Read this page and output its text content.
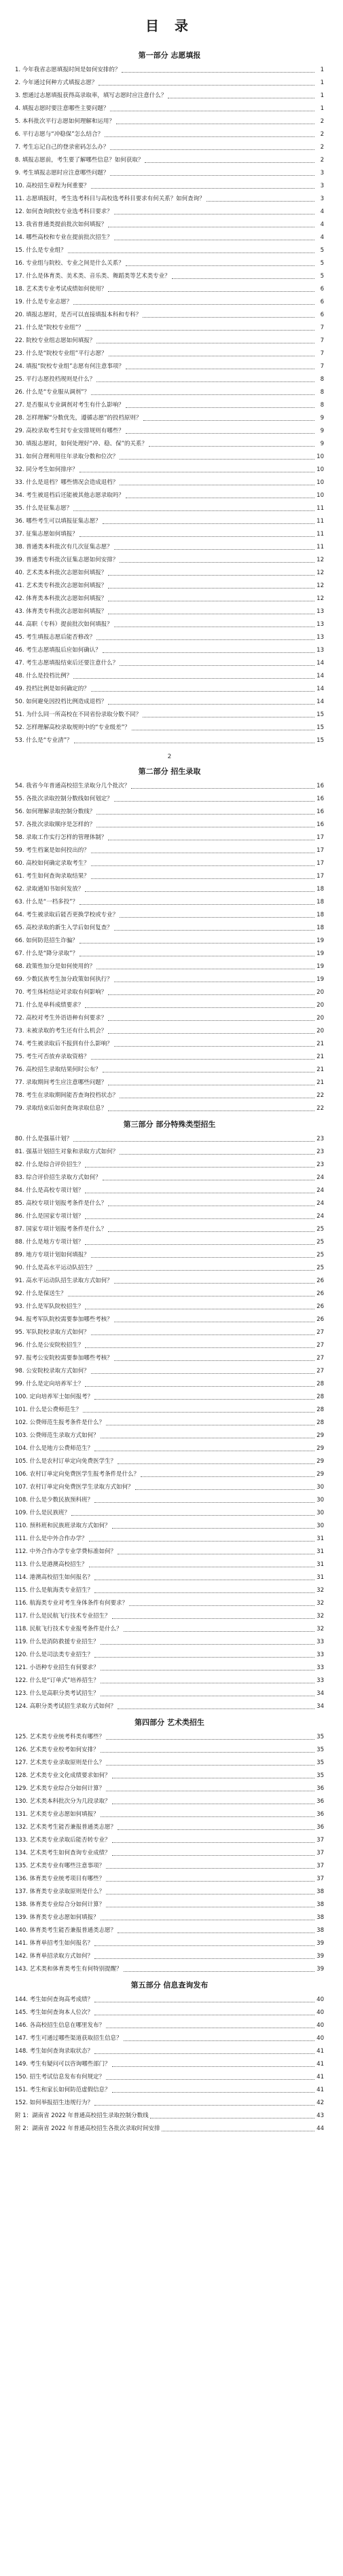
目 录
第一部分 志愿填报
1. 今年我省志愿填报时间是如何安排的？	1
2. 今年通过何种方式填报志愿？	1
3. 想通过志愿填报获得高录取率，填写志愿时应注意什么？	1
4. 填报志愿时要注意哪些主要问题？	1
5. 本科批次平行志愿如何理解和运用？	2
6. 平行志愿与“冲稳保”怎么结合？	2
7. 考生忘记自己的登录密码怎么办？	2
8. 填报志愿前，考生要了解哪些信息？如何获取？	2
9. 考生填报志愿时应注意哪些问题？	3
10. 高校招生章程为何重要？	3
11. 志愿填报时，考生选考科目与高校选考科目要求有何关系？如何查询？	3
12. 如何查询院校专业选考科目要求？	4
13. 我省普通类提前批次如何填报？	4
14. 哪些高校和专业在提前批次招生？	4
15. 什么是专业组？	5
16. 专业组与院校、专业之间是什么关系？	5
17. 什么是体育类、美术类、音乐类、舞蹈类等艺术类专业？	5
18. 艺术类专业考试成绩如何使用？	6
19. 什么是专业志愿？	6
20. 填报志愿时，是否可以直接填报本科和专科？	6
21. 什么是“院校专业组”？	7
22. 院校专业组志愿如何填报？	7
23. 什么是“院校专业组”平行志愿？	7
24. 填报“院校专业组”志愿有何注意事项？	7
25. 平行志愿投档规则是什么？	8
26. 什么是“专业服从调剂”？	8
27. 是否服从专业调剂对考生有什么影响？	8
28. 怎样理解“分数优先，遵循志愿”的投档原则？	9
29. 高校录取考生时专业安排规则有哪些？	9
30. 填报志愿时，如何处理好“冲、稳、保”的关系？	9
31. 如何合理利用往年录取分数和位次？	10
32. 同分考生如何排序？	10
33. 什么是退档？哪些情况会造成退档？	10
34. 考生被退档后还能被其他志愿录取吗？	10
35. 什么是征集志愿？	11
36. 哪些考生可以填报征集志愿？	11
37. 征集志愿如何填报？	11
38. 普通类本科批次有几次征集志愿？	11
39. 普通类专科批次征集志愿如何安排？	12
40. 艺术类本科批次志愿如何填报？	12
41. 艺术类专科批次志愿如何填报？	12
42. 体育类本科批次志愿如何填报？	12
43. 体育类专科批次志愿如何填报？	13
44. 高职（专科）提前批次如何填报？	13
45. 考生填报志愿后能否修改？	13
46. 考生志愿填报后应如何确认？	13
47. 考生志愿填报结束后还要注意什么？	14
48. 什么是投档比例？	14
49. 投档比例是如何确定的？	14
50. 如何避免因投档比例造成退档？	14
51. 为什么同一所高校在不同省份录取分数不同？	15
52. 怎样理解高校录取规则中的“专业级差”？	15
53. 什么是“专业清”？	15
2
第二部分 招生录取
54. 我省今年普通高校招生录取分几个批次？	16
55. 各批次录取控制分数线如何划定？	16
56. 如何理解录取控制分数线？	16
57. 各批次录取顺序是怎样的？	16
58. 录取工作实行怎样的管理体制？	17
59. 考生档案是如何投出的？	17
60. 高校如何确定录取考生？	17
61. 考生如何查询录取结果？	17
62. 录取通知书如何发放？	18
63. 什么是“一档多投”？	18
64. 考生被录取后能否更换学校或专业？	18
65. 高校录取的新生入学后如何复查？	18
66. 如何防范招生诈骗？	19
67. 什么是“降分录取”？	19
68. 政策性加分是如何使用的？	19
69. 少数民族考生加分政策如何执行？	19
70. 考生体检结论对录取有何影响？	20
71. 什么是单科成绩要求？	20
72. 高校对考生外语语种有何要求？	20
73. 未被录取的考生还有什么机会？	20
74. 考生被录取后不报到有什么影响？	21
75. 考生可否放弃录取资格？	21
76. 高校招生录取结果何时公布？	21
77. 录取期间考生应注意哪些问题？	21
78. 考生在录取期间能否查询投档状态？	22
79. 录取结束后如何查询录取信息？	22
第三部分 部分特殊类型招生
80. 什么是强基计划？	23
81. 强基计划招生对象和录取方式如何？	23
82. 什么是综合评价招生？	23
83. 综合评价招生录取方式如何？	24
84. 什么是高校专项计划？	24
85. 高校专项计划报考条件是什么？	24
86. 什么是国家专项计划？	24
87. 国家专项计划报考条件是什么？	25
88. 什么是地方专项计划？	25
89. 地方专项计划如何填报？	25
90. 什么是高水平运动队招生？	25
91. 高水平运动队招生录取方式如何？	26
92. 什么是保送生？	26
93. 什么是军队院校招生？	26
94. 报考军队院校需要参加哪些考核？	26
95. 军队院校录取方式如何？	27
96. 什么是公安院校招生？	27
97. 报考公安院校需要参加哪些考核？	27
98. 公安院校录取方式如何？	27
99. 什么是定向培养军士？	28
100. 定向培养军士如何报考？	28
101. 什么是公费师范生？	28
102. 公费师范生报考条件是什么？	28
103. 公费师范生录取方式如何？	29
104. 什么是地方公费师范生？	29
105. 什么是农村订单定向免费医学生？	29
106. 农村订单定向免费医学生报考条件是什么？	29
107. 农村订单定向免费医学生录取方式如何？	30
108. 什么是少数民族预科班？	30
109. 什么是民族班？	30
110. 预科班和民族班录取方式如何？	30
111. 什么是中外合作办学？	31
112. 中外合作办学专业学费标准如何？	31
113. 什么是港澳高校招生？	31
114. 港澳高校招生如何报名？	31
115. 什么是航海类专业招生？	32
116. 航海类专业对考生身体条件有何要求？	32
117. 什么是民航飞行技术专业招生？	32
118. 民航飞行技术专业报考条件是什么？	32
119. 什么是消防救援专业招生？	33
120. 什么是司法类专业招生？	33
121. 小语种专业招生有何要求？	33
122. 什么是“订单式”培养招生？	33
123. 什么是高职分类考试招生？	34
124. 高职分类考试招生录取方式如何？	34
第四部分 艺术类招生
125. 艺术类专业统考科类有哪些？	35
126. 艺术类专业校考如何安排？	35
127. 艺术类专业录取原则是什么？	35
128. 艺术类专业文化成绩要求如何？	35
129. 艺术类专业综合分如何计算？	36
130. 艺术类本科批次分为几段录取？	36
131. 艺术类专业志愿如何填报？	36
132. 艺术类考生能否兼报普通类志愿？	36
133. 艺术类专业录取后能否转专业？	37
134. 艺术类考生如何查询专业成绩？	37
135. 艺术类专业有哪些注意事项？	37
136. 体育类专业统考项目有哪些？	37
137. 体育类专业录取原则是什么？	38
138. 体育类专业综合分如何计算？	38
139. 体育类专业志愿如何填报？	38
140. 体育类考生能否兼报普通类志愿？	38
141. 体育单招考生如何报名？	39
142. 体育单招录取方式如何？	39
143. 艺术类和体育类考生有何特别提醒？	39
第五部分 信息查询发布
144. 考生如何查询高考成绩？	40
145. 考生如何查询本人位次？	40
146. 各高校招生信息在哪里发布？	40
147. 考生可通过哪些渠道获取招生信息？	40
148. 考生如何查询录取状态？	41
149. 考生有疑问可以咨询哪些部门？	41
150. 招生考试信息发布有何规定？	41
151. 考生和家长如何防范虚假信息？	41
152. 如何举报招生违规行为？	42
附 1：湖南省 2022 年普通高校招生录取控制分数线	43
附 2：湖南省 2022 年普通高校招生各批次录取时间安排	44
